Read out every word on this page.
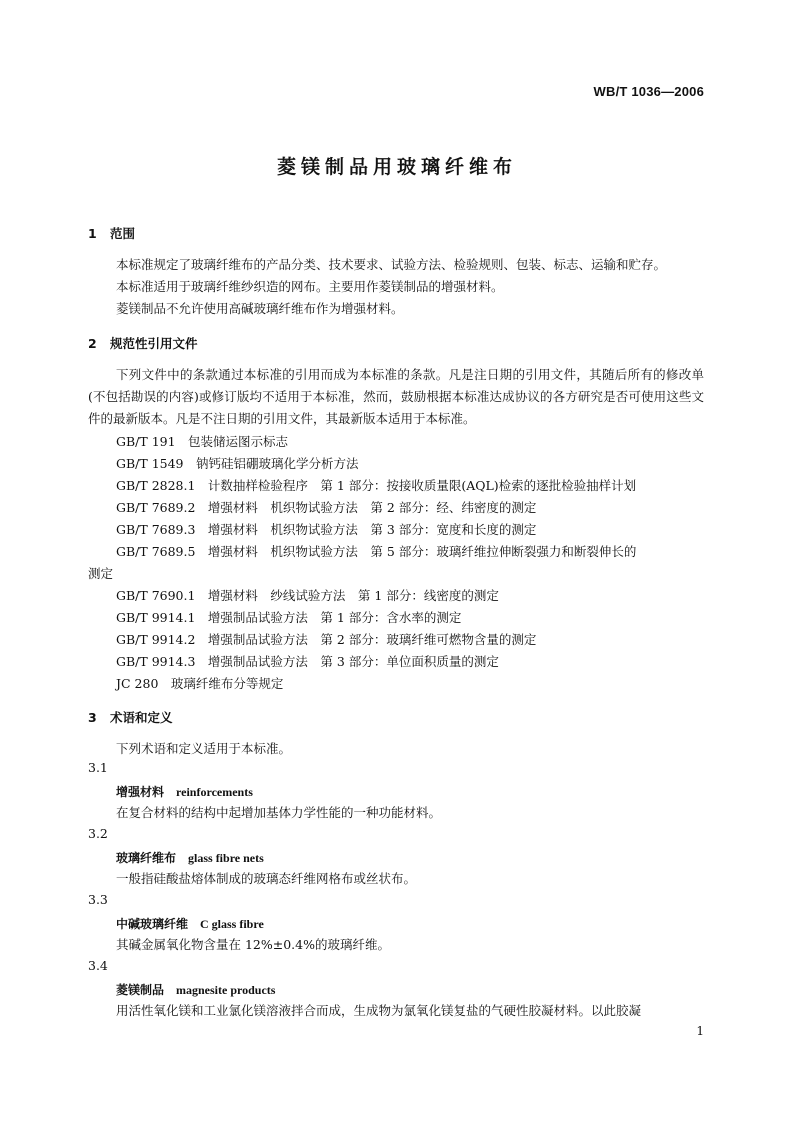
WB/T 1036—2006
菱镁制品用玻璃纤维布
1 范围
本标准规定了玻璃纤维布的产品分类、技术要求、试验方法、检验规则、包装、标志、运输和贮存。
本标准适用于玻璃纤维纱织造的网布。主要用作菱镁制品的增强材料。
菱镁制品不允许使用高碱玻璃纤维布作为增强材料。
2 规范性引用文件
下列文件中的条款通过本标准的引用而成为本标准的条款。凡是注日期的引用文件，其随后所有的修改单(不包括勘误的内容)或修订版均不适用于本标准，然而，鼓励根据本标准达成协议的各方研究是否可使用这些文件的最新版本。凡是不注日期的引用文件，其最新版本适用于本标准。
GB/T 191　包装储运图示标志
GB/T 1549　钠钙硅铝硼玻璃化学分析方法
GB/T 2828.1　计数抽样检验程序　第 1 部分：按接收质量限(AQL)检索的逐批检验抽样计划
GB/T 7689.2　增强材料　机织物试验方法　第 2 部分：经、纬密度的测定
GB/T 7689.3　增强材料　机织物试验方法　第 3 部分：宽度和长度的测定
GB/T 7689.5　增强材料　机织物试验方法　第 5 部分：玻璃纤维拉伸断裂强力和断裂伸长的
测定
GB/T 7690.1　增强材料　纱线试验方法　第 1 部分：线密度的测定
GB/T 9914.1　增强制品试验方法　第 1 部分：含水率的测定
GB/T 9914.2　增强制品试验方法　第 2 部分：玻璃纤维可燃物含量的测定
GB/T 9914.3　增强制品试验方法　第 3 部分：单位面积质量的测定
JC 280　玻璃纤维布分等规定
3 术语和定义
下列术语和定义适用于本标准。
3.1
增强材料 reinforcements
在复合材料的结构中起增加基体力学性能的一种功能材料。
3.2
玻璃纤维布 glass fibre nets
一般指硅酸盐熔体制成的玻璃态纤维网格布或丝状布。
3.3
中碱玻璃纤维 C glass fibre
其碱金属氧化物含量在 12%±0.4%的玻璃纤维。
3.4
菱镁制品 magnesite products
用活性氧化镁和工业氯化镁溶液拌合而成，生成物为氯氧化镁复盐的气硬性胶凝材料。以此胶凝
1
